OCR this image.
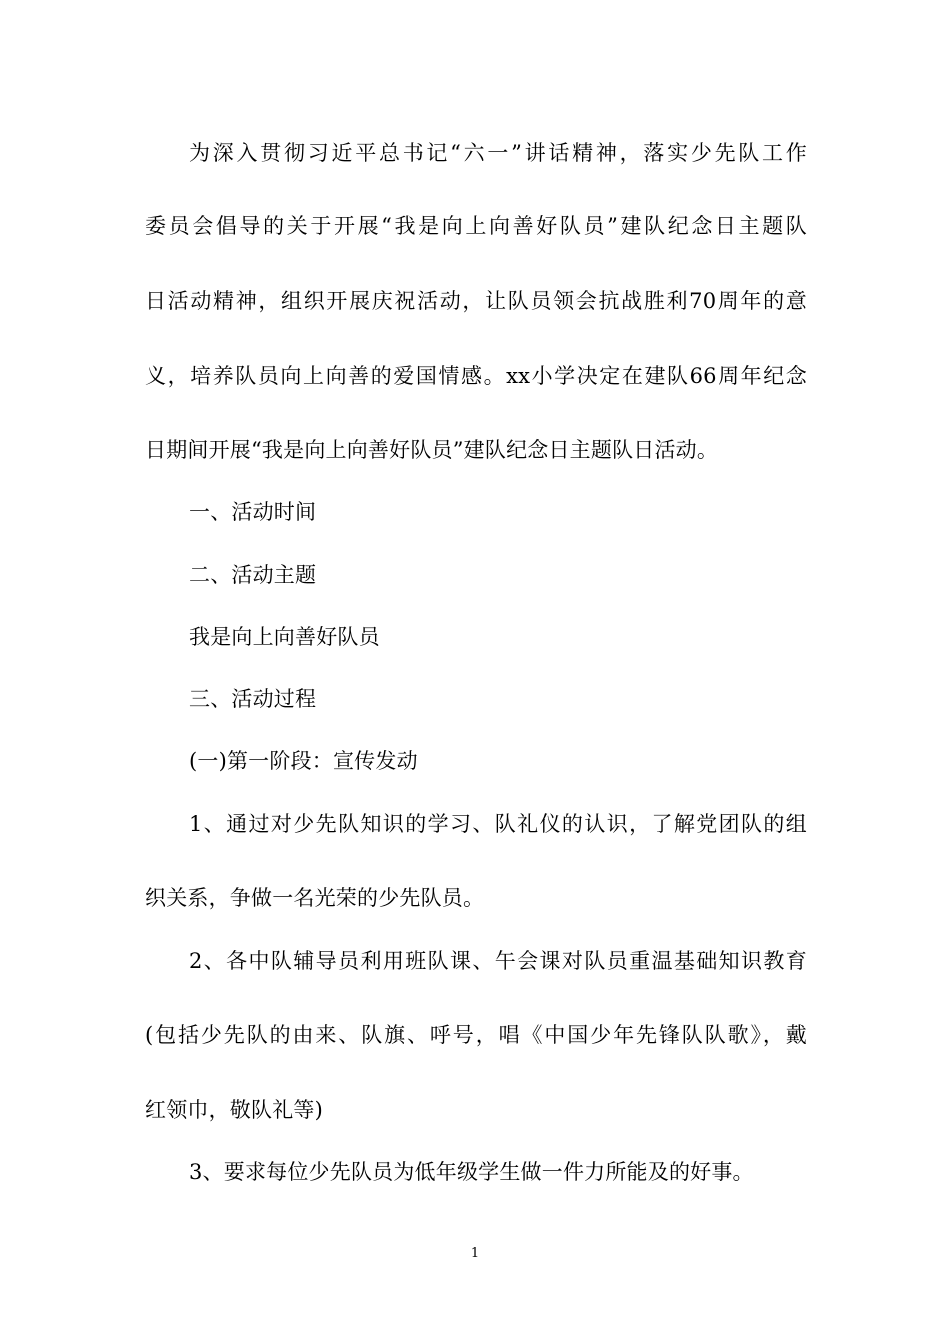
为深入贯彻习近平总书记“六一”讲话精神，落实少先队工作
委员会倡导的关于开展“我是向上向善好队员”建队纪念日主题队
日活动精神，组织开展庆祝活动，让队员领会抗战胜利70周年的意
义，培养队员向上向善的爱国情感。xx小学决定在建队66周年纪念
日期间开展“我是向上向善好队员”建队纪念日主题队日活动。
一、活动时间
二、活动主题
我是向上向善好队员
三、活动过程
(一)第一阶段：宣传发动
1、通过对少先队知识的学习、队礼仪的认识，了解党团队的组
织关系，争做一名光荣的少先队员。
2、各中队辅导员利用班队课、午会课对队员重温基础知识教育
(包括少先队的由来、队旗、呼号，唱《中国少年先锋队队歌》，戴
红领巾，敬队礼等)
3、要求每位少先队员为低年级学生做一件力所能及的好事。
1
